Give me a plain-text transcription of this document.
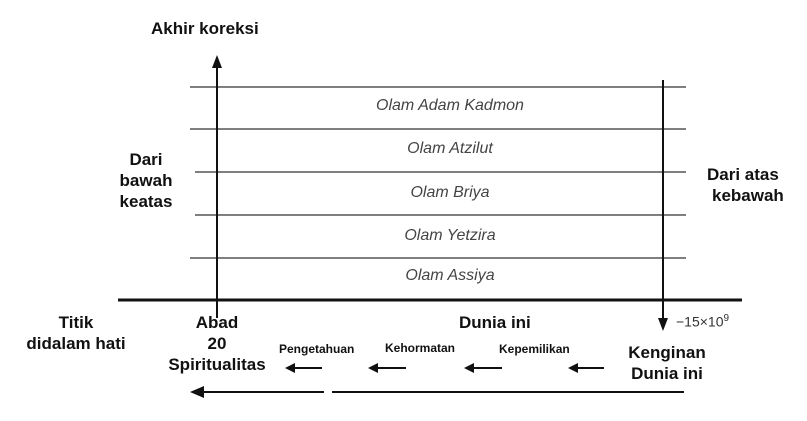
Akhir koreksi
Dari
bawah
keatas
Dari atas
kebawah
Olam Adam Kadmon
Olam Atzilut
Olam Briya
Olam Yetzira
Olam Assiya
Titik
didalam hati
Abad
20
Spiritualitas
Dunia ini	$-15\times 10^9$
Kenginan
Dunia ini
Pengetahuan	Kehormatan	Kepemilikan
